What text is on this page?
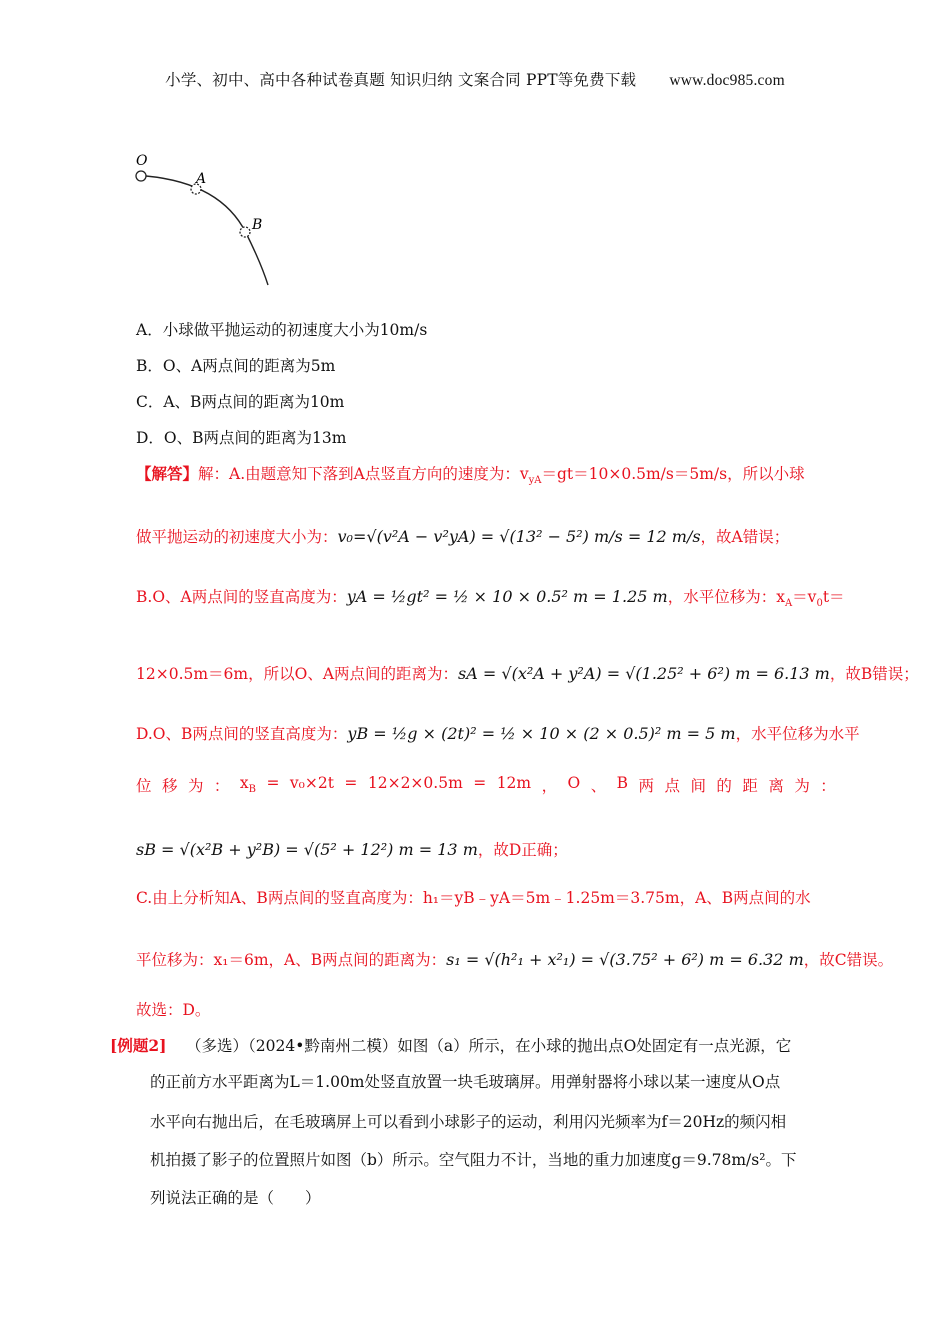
小学、初中、高中各种试卷真题 知识归纳 文案合同 PPT等免费下载 www.doc985.com
O
A
B
A．小球做平抛运动的初速度大小为10m/s
B．O、A两点间的距离为5m
C．A、B两点间的距离为10m
D．O、B两点间的距离为13m
【解答】解：A.由题意知下落到A点竖直方向的速度为：$v_{yA}=gt=10\times 0.5m/s=5m/s$，所以小球
做平抛运动的初速度大小为：v₀=√(v²A − v²yA) = √(13² − 5²) m/s = 12 m/s，故A错误；
B.O、A两点间的竖直高度为：yA = ½gt² = ½ × 10 × 0.5² m = 1.25 m，水平位移为：$x_A=v_0t=$
12×0.5m＝6m，所以O、A两点间的距离为：sA = √(x²A + y²A) = √(1.25² + 6²) m = 6.13 m，故B错误；
D.O、B两点间的竖直高度为：yB = ½g × (2t)² = ½ × 10 × (2 × 0.5)² m = 5 m，水平位移为水平
位 移 为 ： $x_B = v_0\times 2t = 12\times 2\times 0.5m = 12m$ ， O 、 B 两 点 间 的 距 离 为 ：
sB = √(x²B + y²B) = √(5² + 12²) m = 13 m，故D正确；
C.由上分析知A、B两点间的竖直高度为：h₁＝yB﹣yA＝5m﹣1.25m＝3.75m，A、B两点间的水
平位移为：x₁＝6m，A、B两点间的距离为：s₁ = √(h²₁ + x²₁) = √(3.75² + 6²) m = 6.32 m，故C错误。
故选：D。
[例题2]	（多选）（2024•黔南州二模）如图（a）所示，在小球的抛出点O处固定有一点光源，它
的正前方水平距离为L＝1.00m处竖直放置一块毛玻璃屏。用弹射器将小球以某一速度从O点
水平向右抛出后，在毛玻璃屏上可以看到小球影子的运动，利用闪光频率为f＝20Hz的频闪相
机拍摄了影子的位置照片如图（b）所示。空气阻力不计，当地的重力加速度g＝9.78m/s²。下
列说法正确的是（　　）
